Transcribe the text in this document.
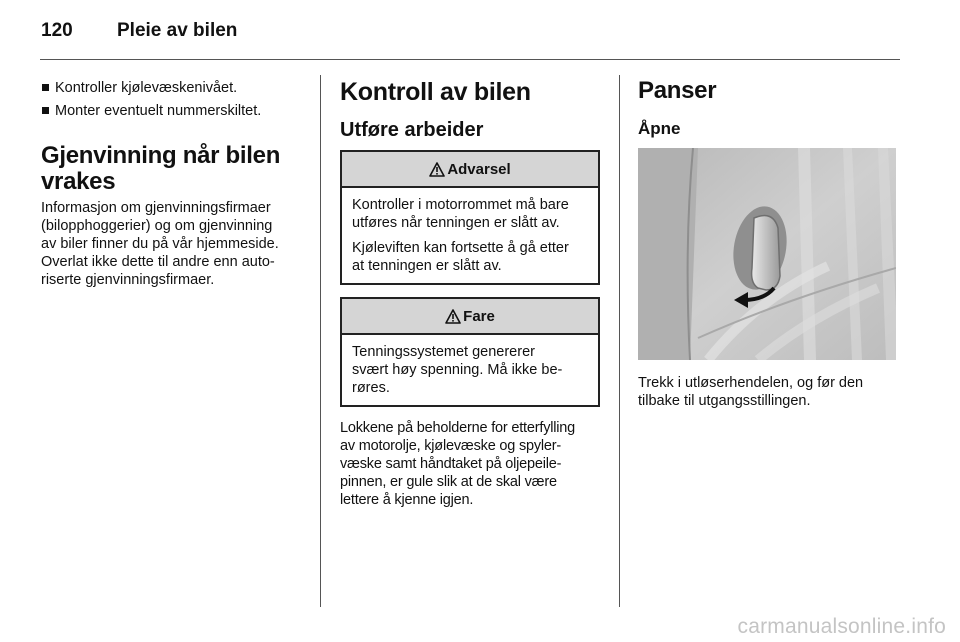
120 Pleie av bilen
Kontroller kjølevæskenivået.
Monter eventuelt nummerskiltet.
Gjenvinning når bilen
vrakes

Informasjon om gjenvinningsfirmaer
(bilopphoggerier) og om gjenvinning
av biler finner du på vår hjemmeside.
Overlat ikke dette til andre enn auto-
riserte gjenvinningsfirmaer.

Kontroll av bilen
Utføre arbeider
Advarsel

Kontroller i motorrommet må bare
utføres når tenningen er slått av.

Kjøleviften kan fortsette å gå etter
at tenningen er slått av.

Fare

Tenningssystemet genererer
svært høy spenning. Må ikke be-
røres.

Lokkene på beholderne for etterfylling
av motorolje, kjølevæske og spyler-
væske samt håndtaket på oljepeile-
pinnen, er gule slik at de skal være
lettere å kjenne igjen.

Panser
Åpne

Trekk i utløserhendelen, og før den
tilbake til utgangsstillingen.

carmanualsonline.info
